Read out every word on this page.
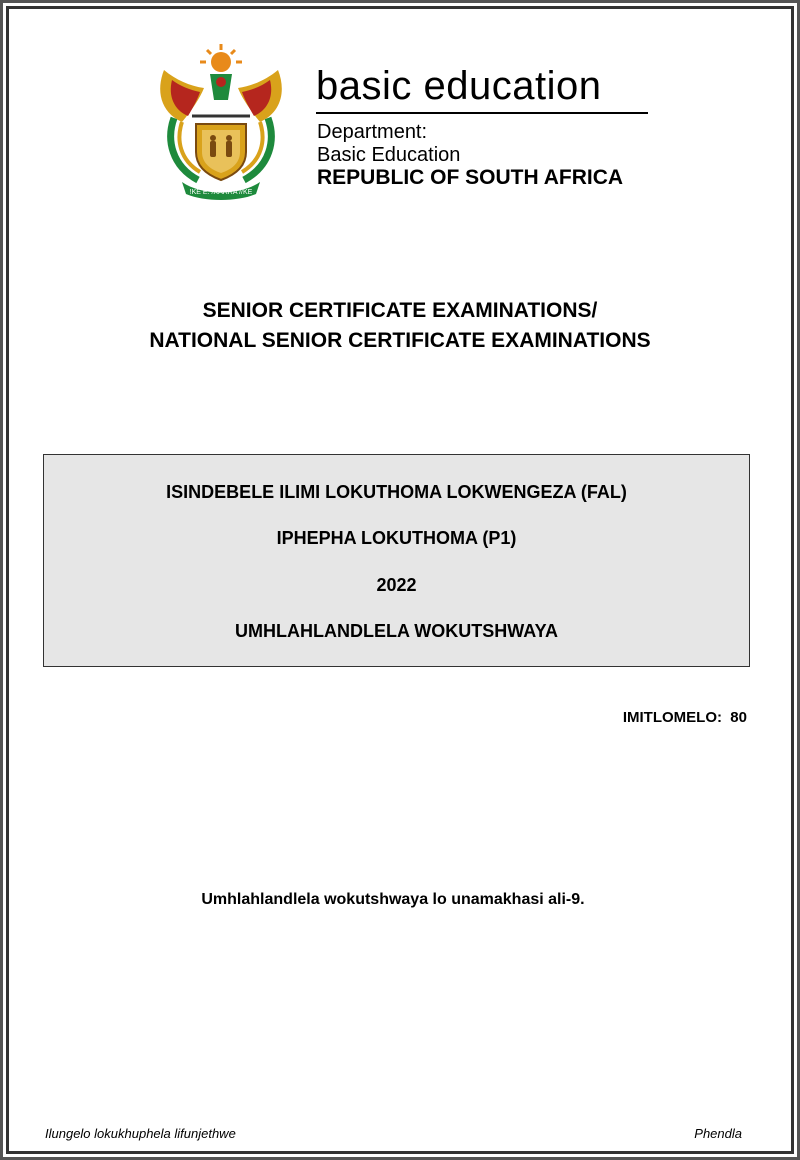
!KE E: /XARRA //KE
basic education
Department:
Basic Education
REPUBLIC OF SOUTH AFRICA
SENIOR CERTIFICATE EXAMINATIONS/
NATIONAL SENIOR CERTIFICATE EXAMINATIONS
ISINDEBELE ILIMI LOKUTHOMA LOKWENGEZA (FAL)
IPHEPHA LOKUTHOMA (P1)
2022
UMHLAHLANDLELA WOKUTSHWAYA
IMITLOMELO:  80
Umhlahlandlela wokutshwaya lo unamakhasi ali-9.
Ilungelo lokukhuphela lifunjethwe	Phendla
